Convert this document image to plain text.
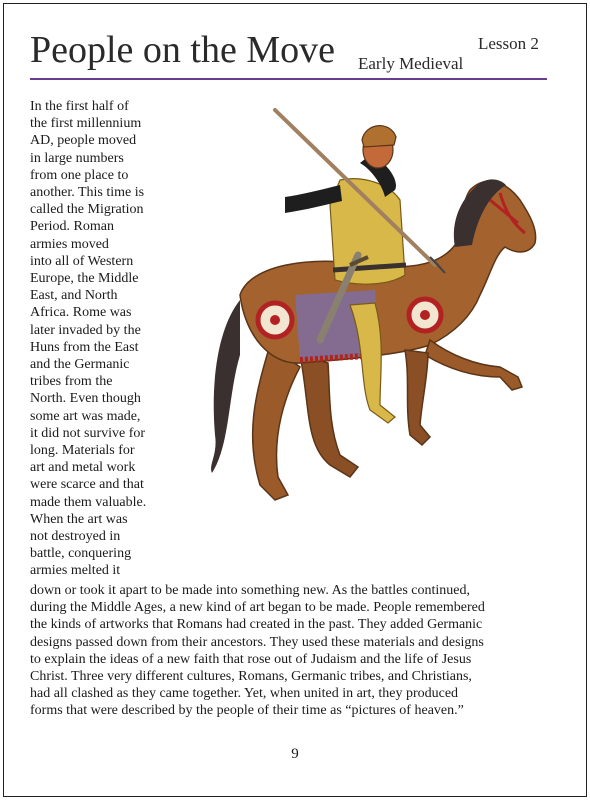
People on the Move	Lesson 2
Early Medieval
In the first half of
the first millennium
AD, people moved
in large numbers
from one place to
another. This time is
called the Migration
Period. Roman
armies moved
into all of Western
Europe, the Middle
East, and North
Africa. Rome was
later invaded by the
Huns from the East
and the Germanic
tribes from the
North. Even though
some art was made,
it did not survive for
long. Materials for
art and metal work
were scarce and that
made them valuable.
When the art was
not destroyed in
battle, conquering
armies melted it
down or took it apart to be made into something new. As the battles continued,
during the Middle Ages, a new kind of art began to be made. People remembered
the kinds of artworks that Romans had created in the past. They added Germanic
designs passed down from their ancestors. They used these materials and designs
to explain the ideas of a new faith that rose out of Judaism and the life of Jesus
Christ. Three very different cultures, Romans, Germanic tribes, and Christians,
had all clashed as they came together. Yet, when united in art, they produced
forms that were described by the people of their time as “pictures of heaven.”
9
